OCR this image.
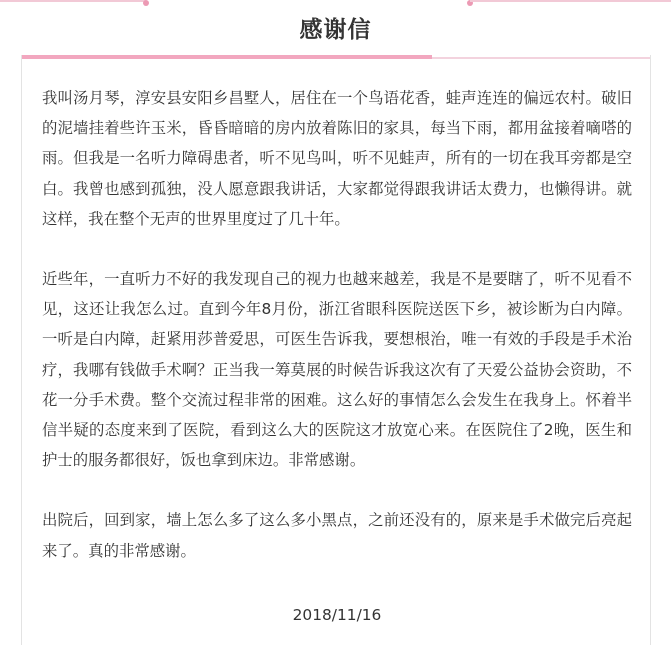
感谢信

我叫汤月琴，淳安县安阳乡昌墅人，居住在一个鸟语花香，蛙声连连的偏远农村。破旧的泥墙挂着些许玉米，昏昏暗暗的房内放着陈旧的家具，每当下雨，都用盆接着嘀嗒的雨。但我是一名听力障碍患者，听不见鸟叫，听不见蛙声，所有的一切在我耳旁都是空白。我曾也感到孤独，没人愿意跟我讲话，大家都觉得跟我讲话太费力，也懒得讲。就这样，我在整个无声的世界里度过了几十年。

近些年，一直听力不好的我发现自己的视力也越来越差，我是不是要瞎了，听不见看不见，这还让我怎么过。直到今年8月份，浙江省眼科医院送医下乡，被诊断为白内障。一听是白内障，赶紧用莎普爱思，可医生告诉我，要想根治，唯一有效的手段是手术治疗，我哪有钱做手术啊？正当我一筹莫展的时候告诉我这次有了天爱公益协会资助，不花一分手术费。整个交流过程非常的困难。这么好的事情怎么会发生在我身上。怀着半信半疑的态度来到了医院，看到这么大的医院这才放宽心来。在医院住了2晚，医生和护士的服务都很好，饭也拿到床边。非常感谢。

出院后，回到家，墙上怎么多了这么多小黑点，之前还没有的，原来是手术做完后亮起来了。真的非常感谢。

2018/11/16
